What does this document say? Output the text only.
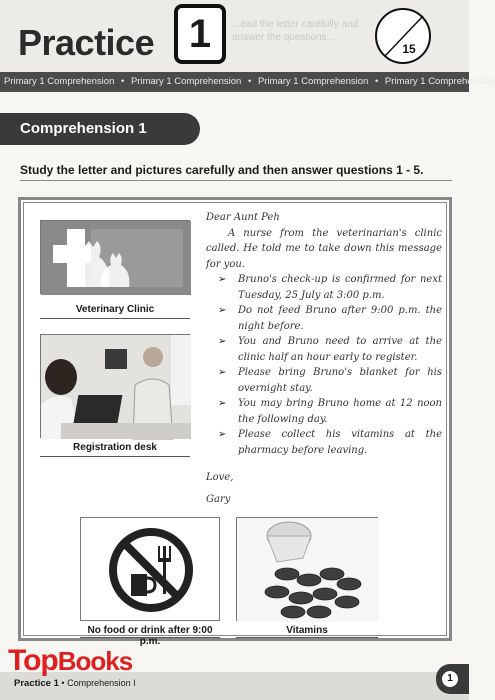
Practice 1	...ead the letter carefully and answer the questions...
15
Primary 1 Comprehension • Primary 1 Comprehension • Primary 1 Comprehension • Primary 1 Comprehension
Comprehension 1
Study the letter and pictures carefully and then answer questions 1 - 5.
Veterinary Clinic
Registration desk

Dear Aunt Peh

A nurse from the veterinarian's clinic called. He told me to take down this message for you.

➢ Bruno's check-up is confirmed for next Tuesday, 25 July at 3:00 p.m.
➢ Do not feed Bruno after 9:00 p.m. the night before.
➢ You and Bruno need to arrive at the clinic half an hour early to register.
➢ Please bring Bruno's blanket for his overnight stay.
➢ You may bring Bruno home at 12 noon the following day.
➢ Please collect his vitamins at the pharmacy before leaving.

Love,

Gary

No food or drink after 9:00 p.m.
Vitamins
TopBooks
Practice 1 • Comprehension I	1
